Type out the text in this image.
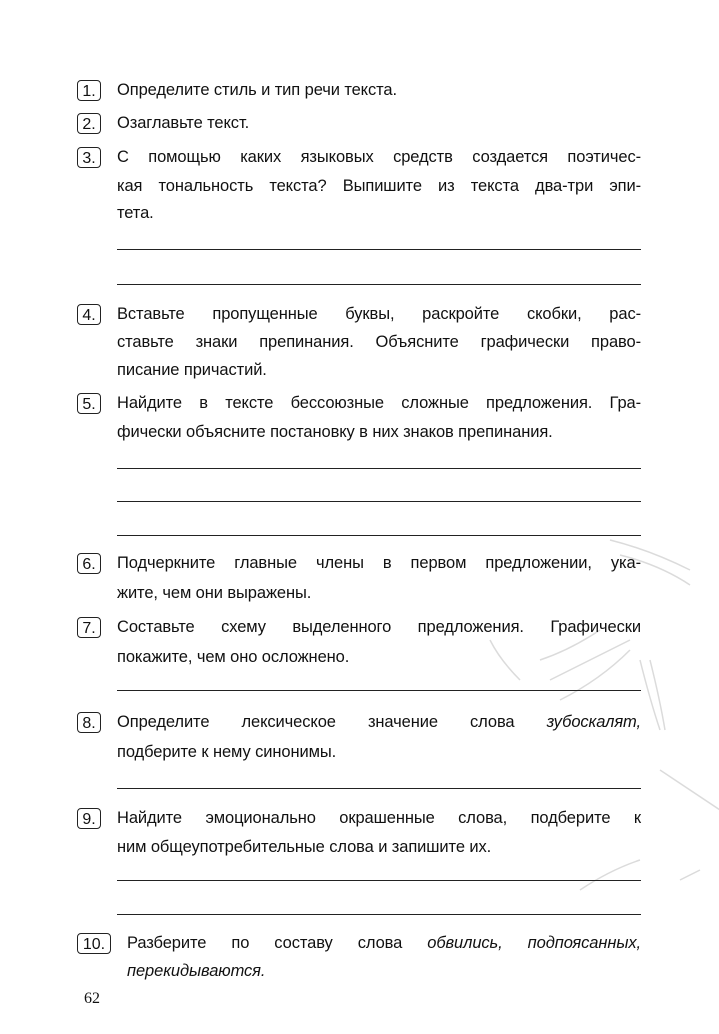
1.	Определите стиль и тип речи текста.
2.	Озаглавьте текст.
3.	С помощью каких языковых средств создается поэтичес-
кая тональность текста? Выпишите из текста два-три эпи-
тета.
4.	Вставьте пропущенные буквы, раскройте скобки, рас-
ставьте знаки препинания. Объясните графически право-
писание причастий.
5.	Найдите в тексте бессоюзные сложные предложения. Гра-
фически объясните постановку в них знаков препинания.
6.	Подчеркните главные члены в первом предложении, ука-
жите, чем они выражены.
7.	Составьте схему выделенного предложения. Графически
покажите, чем оно осложнено.
8.	Определите лексическое значение слова зубоскалят,
подберите к нему синонимы.
9.	Найдите эмоционально окрашенные слова, подберите к
ним общеупотребительные слова и запишите их.
10.	Разберите по составу слова обвились, подпоясанных,
перекидываются.
62
